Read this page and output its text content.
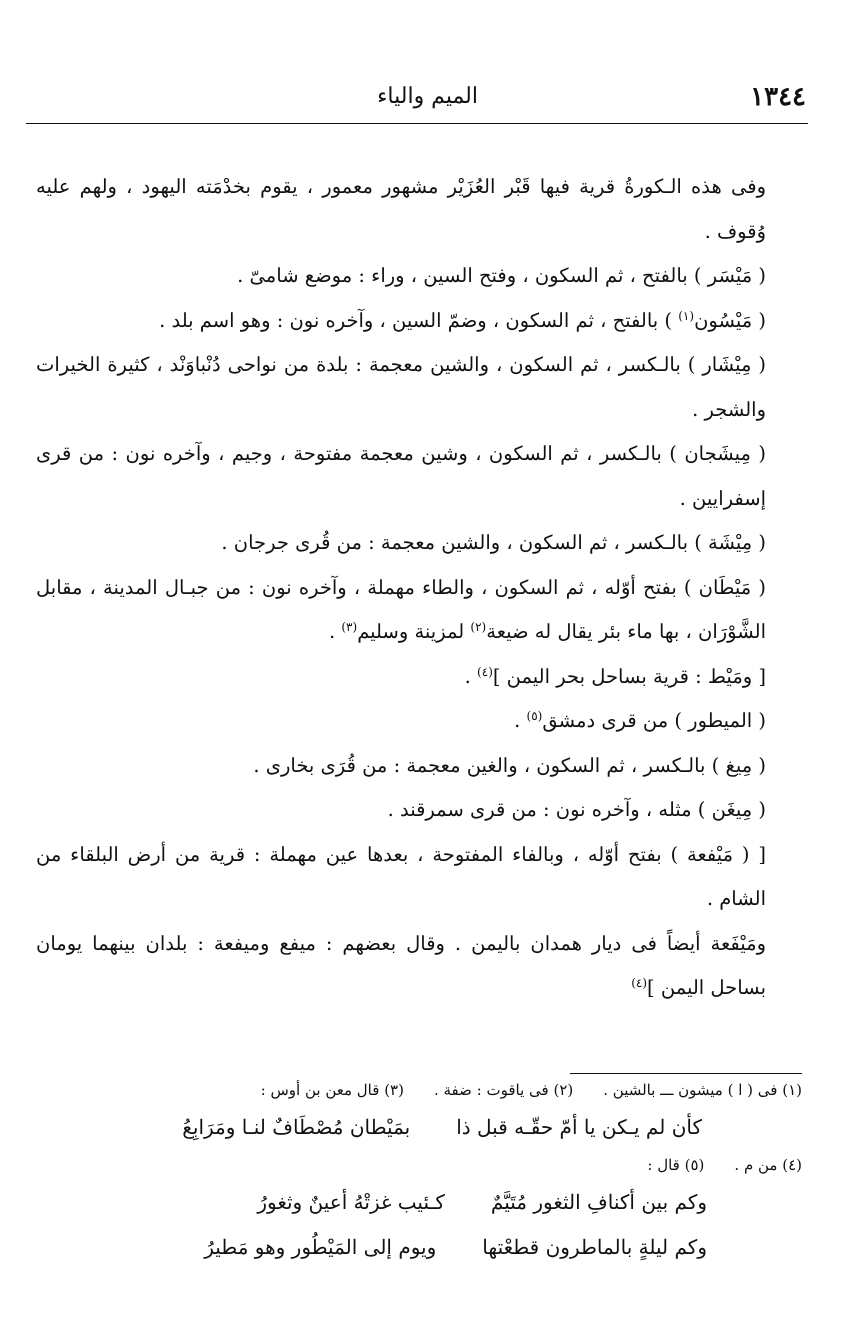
١٣٤٤
الميم والياء

وفى هذه الـكورةُ قرية فيها قَبْر العُزَيْر مشهور معمور ، يقوم بخدْمَته اليهود ، ولهم عليه وُقوف .

( مَيْسَر ) بالفتح ، ثم السكون ، وفتح السين ، وراء : موضع شامىّ .

( مَيْسُون$^{(١)}$ ) بالفتح ، ثم السكون ، وضمّ السين ، وآخره نون : وهو اسم بلد .

( مِيْشَار ) بالـكسر ، ثم السكون ، والشين معجمة : بلدة من نواحى دُنْباوَنْد ، كثيرة الخيرات والشجر .

( مِيشَجان ) بالـكسر ، ثم السكون ، وشين معجمة مفتوحة ، وجيم ، وآخره نون : من قرى إسفرايين .

( مِيْشَة ) بالـكسر ، ثم السكون ، والشين معجمة : من قُرى جرجان .

( مَيْطَان ) بفتح أوّله ، ثم السكون ، والطاء مهملة ، وآخره نون : من جبـال المدينة ، مقابل الشَّوْرَان ، بها ماء بئر يقال له ضيعة$^{(٢)}$ لمزينة وسليم$^{(٣)}$ .

[ ومَيْط : قرية بساحل بحر اليمن ]$^{(٤)}$ .

( الميطور ) من قرى دمشق$^{(٥)}$ .

( مِيغ ) بالـكسر ، ثم السكون ، والغين معجمة : من قُرَى بخارى .

( مِيغَن ) مثله ، وآخره نون : من قرى سمرقند .

[ ( مَيْفعة ) بفتح أوّله ، وبالفاء المفتوحة ، بعدها عين مهملة : قرية من أرض البلقاء من الشام .

ومَيْفَعة أيضاً فى ديار همدان باليمن . وقال بعضهم : ميفع وميفعة : بلدان بينهما يومان بساحل اليمن ]$^{(٤)}$

(١) فى ( ا ) ميشون ـــ بالشين .(٢) فى ياقوت : ضفة .(٣) قال معن بن أوس :
كأن لم يـكن يا أمّ حقّـه قبل ذابمَيْطان مُصْطَافٌ لنـا ومَرَابِعُ
(٤) من م .(٥) قال :
وكم بين أكنافِ الثغور مُتَيَّمٌكـئيب غزتْهُ أعينٌ وثغورُ
وكم ليلةٍ بالماطرون قطعْتهاويوم إلى المَيْطُور وهو مَطيرُ
